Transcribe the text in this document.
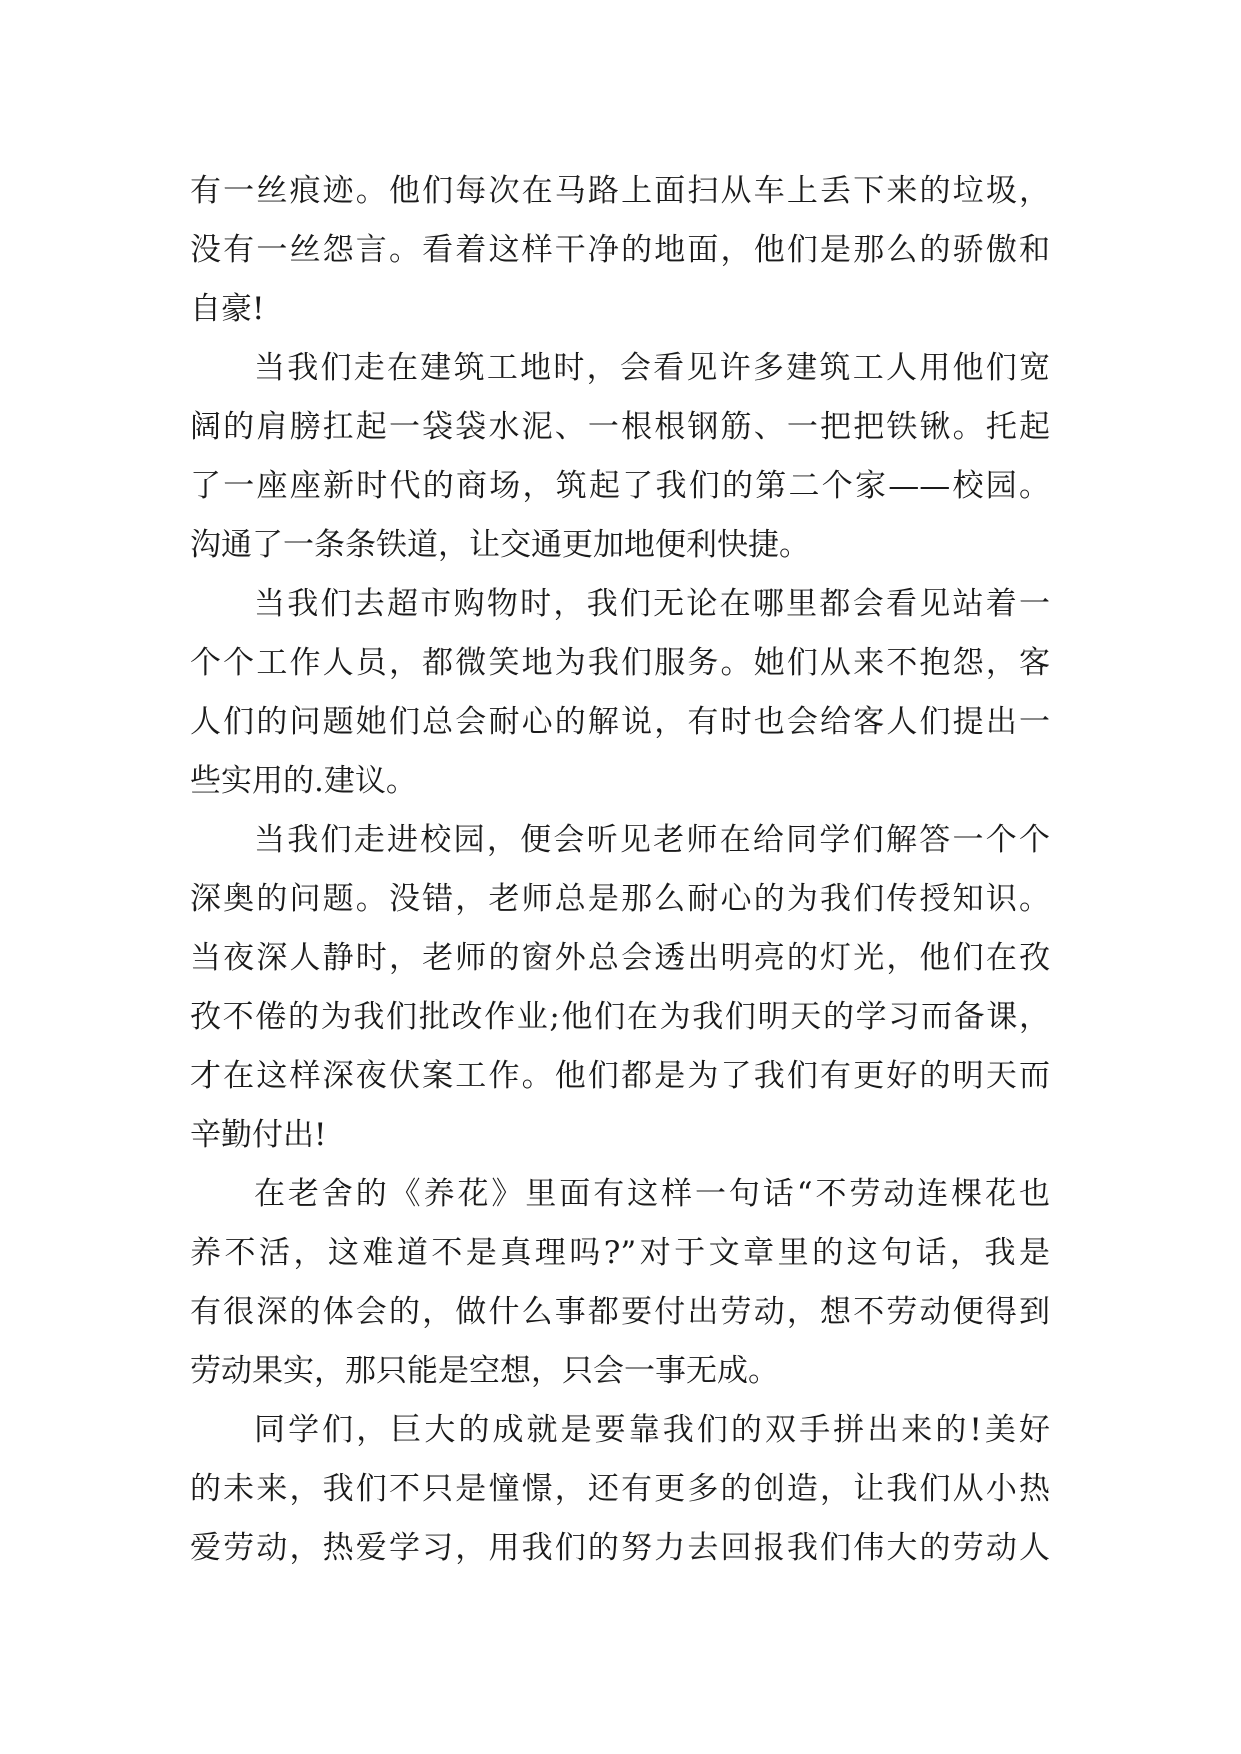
有一丝痕迹。他们每次在马路上面扫从车上丢下来的垃圾，
没有一丝怨言。看着这样干净的地面，他们是那么的骄傲和
自豪!
当我们走在建筑工地时，会看见许多建筑工人用他们宽
阔的肩膀扛起一袋袋水泥、一根根钢筋、一把把铁锹。托起
了一座座新时代的商场，筑起了我们的第二个家——校园。
沟通了一条条铁道，让交通更加地便利快捷。
当我们去超市购物时，我们无论在哪里都会看见站着一
个个工作人员，都微笑地为我们服务。她们从来不抱怨，客
人们的问题她们总会耐心的解说，有时也会给客人们提出一
些实用的.建议。
当我们走进校园，便会听见老师在给同学们解答一个个
深奥的问题。没错，老师总是那么耐心的为我们传授知识。
当夜深人静时，老师的窗外总会透出明亮的灯光，他们在孜
孜不倦的为我们批改作业;他们在为我们明天的学习而备课，
才在这样深夜伏案工作。他们都是为了我们有更好的明天而
辛勤付出!
在老舍的《养花》里面有这样一句话“不劳动连棵花也
养不活，这难道不是真理吗?”对于文章里的这句话，我是
有很深的体会的，做什么事都要付出劳动，想不劳动便得到
劳动果实，那只能是空想，只会一事无成。
同学们，巨大的成就是要靠我们的双手拼出来的!美好
的未来，我们不只是憧憬，还有更多的创造，让我们从小热
爱劳动，热爱学习，用我们的努力去回报我们伟大的劳动人
